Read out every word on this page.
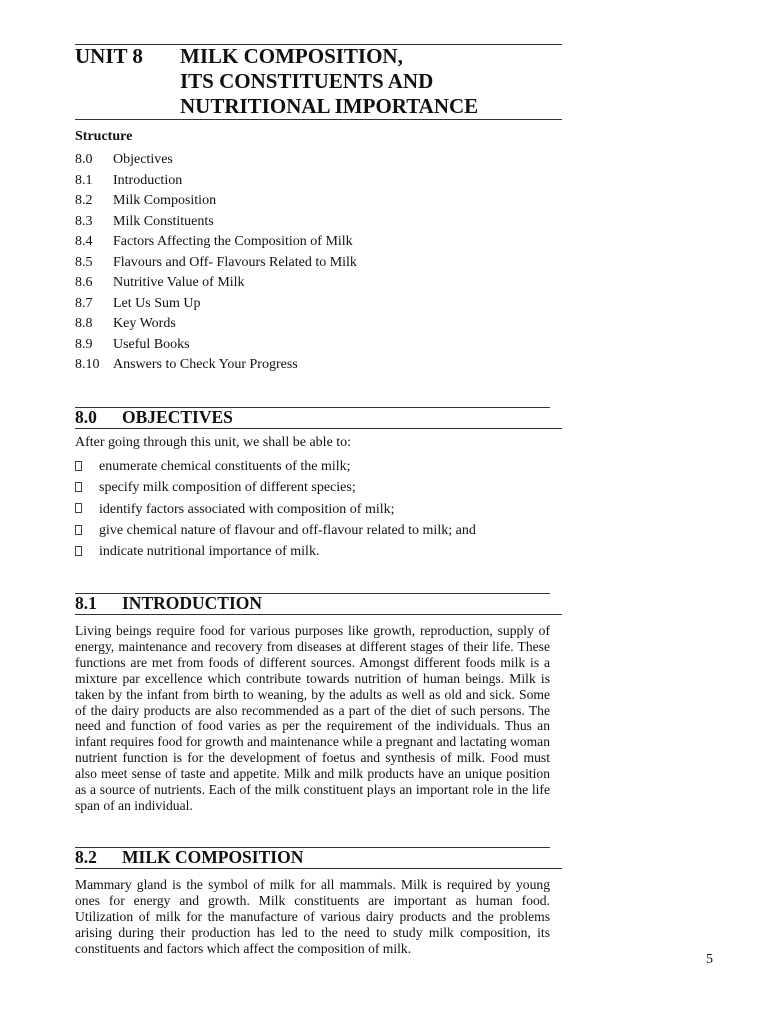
UNIT 8 MILK COMPOSITION,
ITS CONSTITUENTS AND
NUTRITIONAL IMPORTANCE
Structure
8.0 Objectives
8.1 Introduction
8.2 Milk Composition
8.3 Milk Constituents
8.4 Factors Affecting the Composition of Milk
8.5 Flavours and Off- Flavours Related to Milk
8.6 Nutritive Value of Milk
8.7 Let Us Sum Up
8.8 Key Words
8.9 Useful Books
8.10 Answers to Check Your Progress
8.0 OBJECTIVES
After going through this unit, we shall be able to:
enumerate chemical constituents of the milk;
specify milk composition of different species;
identify factors associated with composition of milk;
give chemical nature of flavour and off-flavour related to milk; and
indicate nutritional importance of milk.
8.1 INTRODUCTION
Living beings require food for various purposes like growth, reproduction, supply of energy, maintenance and recovery from diseases at different stages of their life. These functions are met from foods of different sources. Amongst different foods milk is a mixture par excellence which contribute towards nutrition of human beings. Milk is taken by the infant from birth to weaning, by the adults as well as old and sick. Some of the dairy products are also recommended as a part of the diet of such persons. The need and function of food varies as per the requirement of the individuals. Thus an infant requires food for growth and maintenance while a pregnant and lactating woman nutrient function is for the development of foetus and synthesis of milk. Food must also meet sense of taste and appetite. Milk and milk products have an unique position as a source of nutrients. Each of the milk constituent plays an important role in the life span of an individual.
8.2 MILK COMPOSITION
Mammary gland is the symbol of milk for all mammals. Milk is required by young ones for energy and growth. Milk constituents are important as human food. Utilization of milk for the manufacture of various dairy products and the problems arising during their production has led to the need to study milk composition, its constituents and factors which affect the composition of milk.
5
